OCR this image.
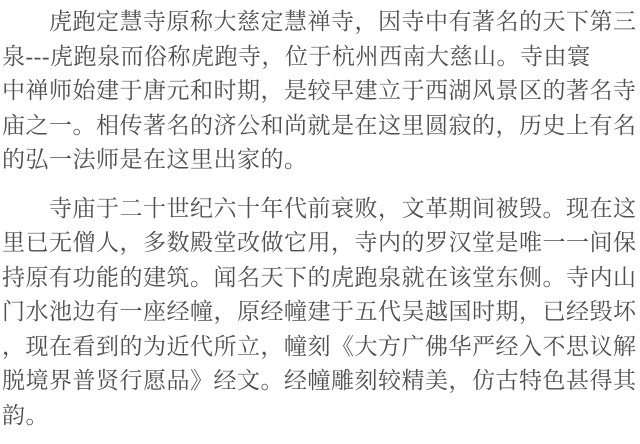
虎跑定慧寺原称大慈定慧禅寺，因寺中有著名的天下第三
泉---虎跑泉而俗称虎跑寺，位于杭州西南大慈山。寺由寰
中禅师始建于唐元和时期，是较早建立于西湖风景区的著名寺
庙之一。相传著名的济公和尚就是在这里圆寂的，历史上有名
的弘一法师是在这里出家的。
寺庙于二十世纪六十年代前衰败，文革期间被毁。现在这
里已无僧人，多数殿堂改做它用，寺内的罗汉堂是唯一一间保
持原有功能的建筑。闻名天下的虎跑泉就在该堂东侧。寺内山
门水池边有一座经幢，原经幢建于五代吴越国时期，已经毁坏
，现在看到的为近代所立，幢刻《大方广佛华严经入不思议解
脱境界普贤行愿品》经文。经幢雕刻较精美，仿古特色甚得其
韵。
